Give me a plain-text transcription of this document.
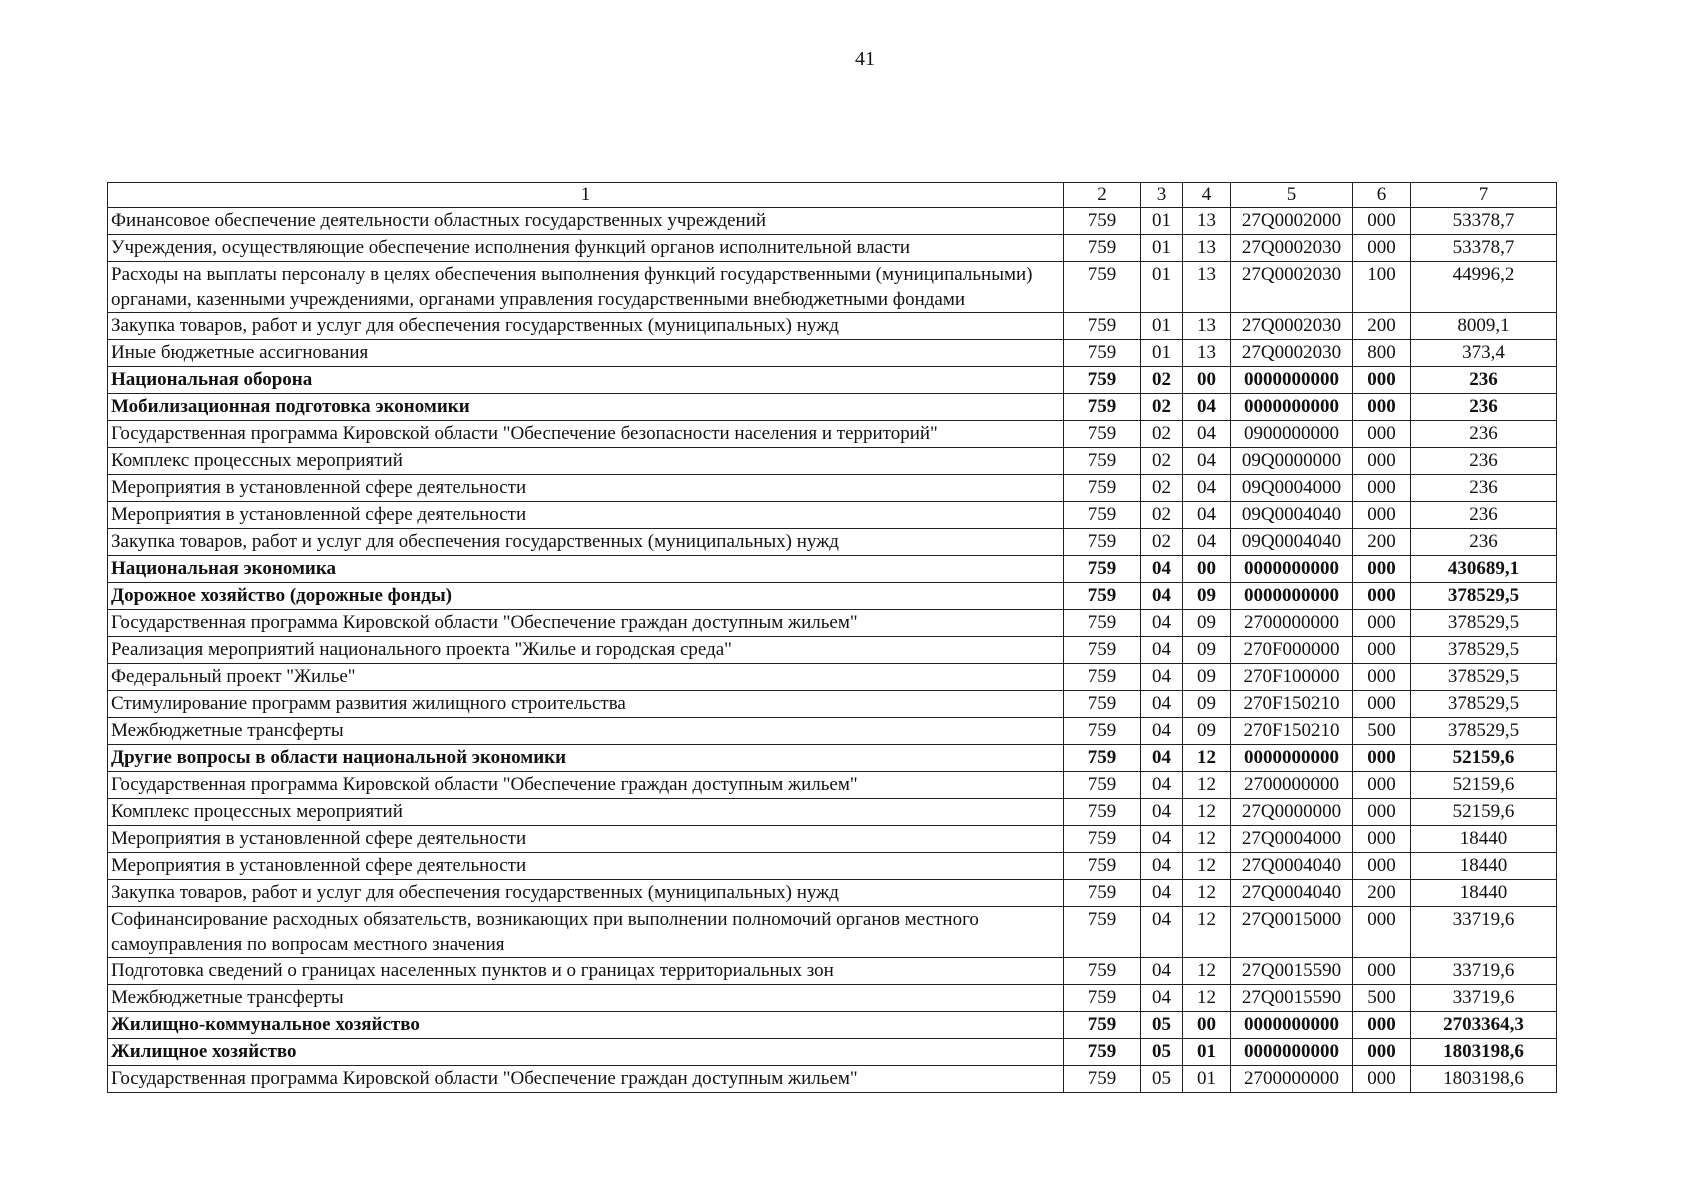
41
1	2	3	4	5	6	7
Финансовое обеспечение деятельности областных государственных учреждений	759	01	13	27Q0002000	000	53378,7
Учреждения, осуществляющие обеспечение исполнения функций органов исполнительной власти	759	01	13	27Q0002030	000	53378,7
Расходы на выплаты персоналу в целях обеспечения выполнения функций государственными (муниципальными) органами, казенными учреждениями, органами управления государственными внебюджетными фондами	759	01	13	27Q0002030	100	44996,2
Закупка товаров, работ и услуг для обеспечения государственных (муниципальных) нужд	759	01	13	27Q0002030	200	8009,1
Иные бюджетные ассигнования	759	01	13	27Q0002030	800	373,4
Национальная оборона	759	02	00	0000000000	000	236
Мобилизационная подготовка экономики	759	02	04	0000000000	000	236
Государственная программа Кировской области "Обеспечение безопасности населения и территорий"	759	02	04	0900000000	000	236
Комплекс процессных мероприятий	759	02	04	09Q0000000	000	236
Мероприятия в установленной сфере деятельности	759	02	04	09Q0004000	000	236
Мероприятия в установленной сфере деятельности	759	02	04	09Q0004040	000	236
Закупка товаров, работ и услуг для обеспечения государственных (муниципальных) нужд	759	02	04	09Q0004040	200	236
Национальная экономика	759	04	00	0000000000	000	430689,1
Дорожное хозяйство (дорожные фонды)	759	04	09	0000000000	000	378529,5
Государственная программа Кировской области "Обеспечение граждан доступным жильем"	759	04	09	2700000000	000	378529,5
Реализация мероприятий национального проекта "Жилье и городская среда"	759	04	09	270F000000	000	378529,5
Федеральный проект "Жилье"	759	04	09	270F100000	000	378529,5
Стимулирование программ развития жилищного строительства	759	04	09	270F150210	000	378529,5
Межбюджетные трансферты	759	04	09	270F150210	500	378529,5
Другие вопросы в области национальной экономики	759	04	12	0000000000	000	52159,6
Государственная программа Кировской области "Обеспечение граждан доступным жильем"	759	04	12	2700000000	000	52159,6
Комплекс процессных мероприятий	759	04	12	27Q0000000	000	52159,6
Мероприятия в установленной сфере деятельности	759	04	12	27Q0004000	000	18440
Мероприятия в установленной сфере деятельности	759	04	12	27Q0004040	000	18440
Закупка товаров, работ и услуг для обеспечения государственных (муниципальных) нужд	759	04	12	27Q0004040	200	18440
Софинансирование расходных обязательств, возникающих при выполнении полномочий органов местного самоуправления по вопросам местного значения	759	04	12	27Q0015000	000	33719,6
Подготовка сведений о границах населенных пунктов и о границах территориальных зон	759	04	12	27Q0015590	000	33719,6
Межбюджетные трансферты	759	04	12	27Q0015590	500	33719,6
Жилищно-коммунальное хозяйство	759	05	00	0000000000	000	2703364,3
Жилищное хозяйство	759	05	01	0000000000	000	1803198,6
Государственная программа Кировской области "Обеспечение граждан доступным жильем"	759	05	01	2700000000	000	1803198,6
